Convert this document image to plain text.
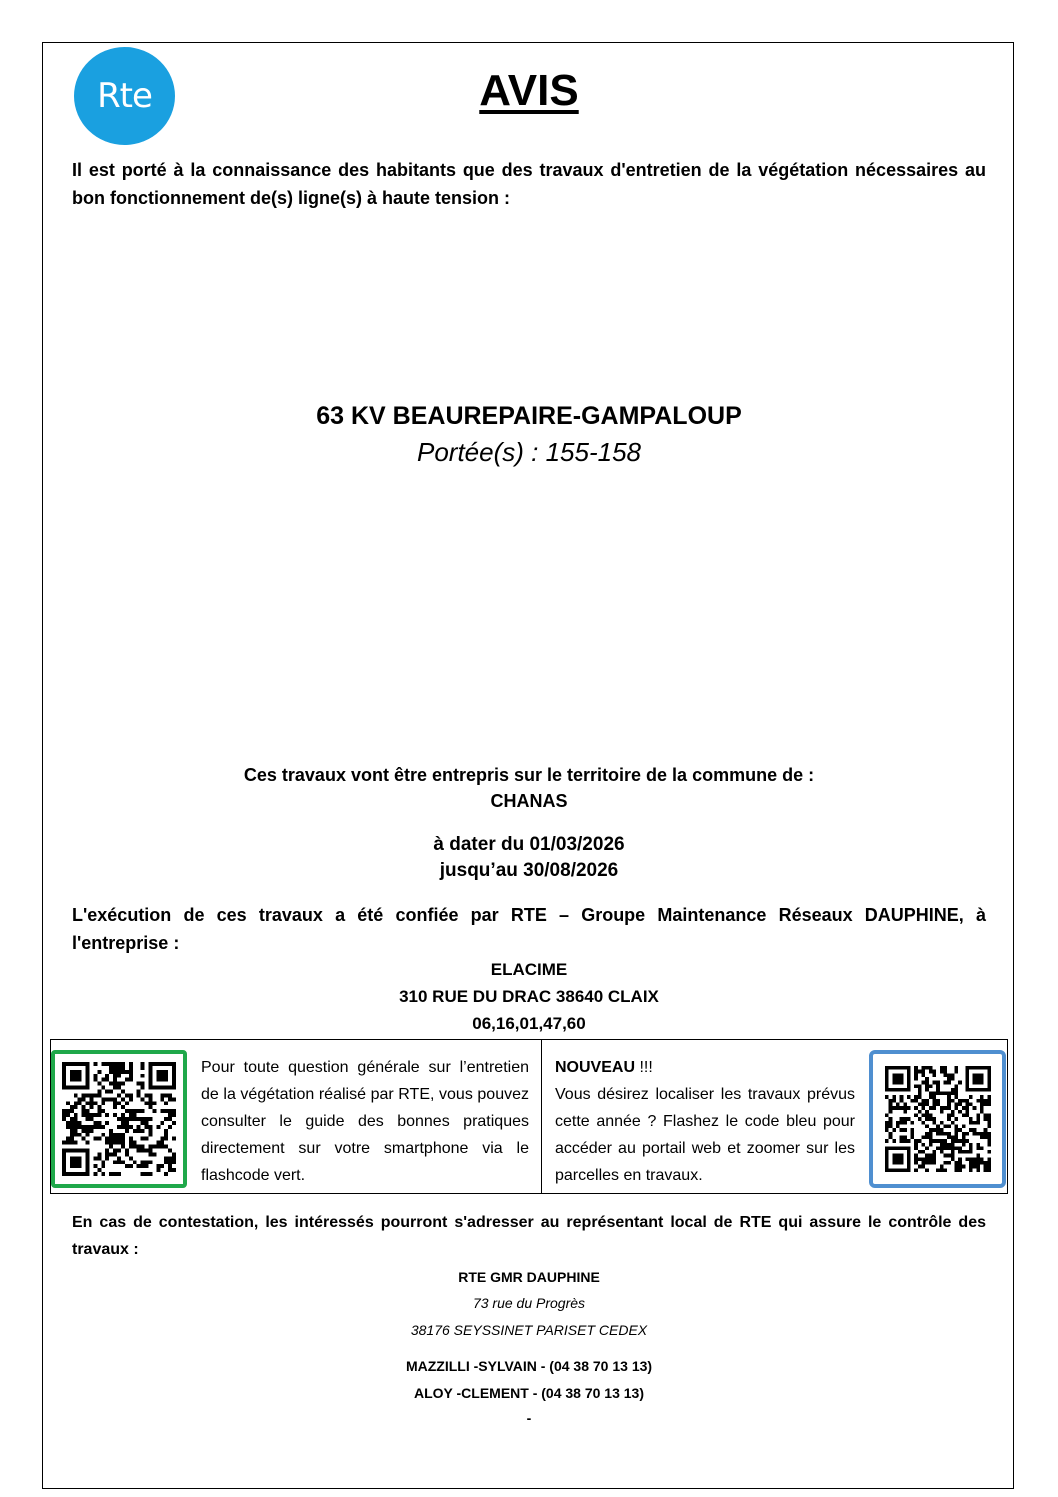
Rte	AVIS
Il est porté à la connaissance des habitants que des travaux d'entretien de la végétation nécessaires au bon fonctionnement de(s) ligne(s) à haute tension :
63 KV BEAUREPAIRE-GAMPALOUP
Portée(s) : 155-158
Ces travaux vont être entrepris sur le territoire de la commune de :
CHANAS
à dater du 01/03/2026
jusqu’au 30/08/2026
L'exécution de ces travaux a été confiée par RTE – Groupe Maintenance Réseaux DAUPHINE, à l'entreprise :
ELACIME
310 RUE DU DRAC 38640 CLAIX
06,16,01,47,60
Pour toute question générale sur l’entretien de la végétation réalisé par RTE, vous pouvez consulter le guide des bonnes pratiques directement sur votre smartphone via le flashcode vert.
NOUVEAU !!!
Vous désirez localiser les travaux prévus cette année ? Flashez le code bleu pour accéder au portail web et zoomer sur les parcelles en travaux.
En cas de contestation, les intéressés pourront s'adresser au représentant local de RTE qui assure le contrôle des travaux :
RTE GMR DAUPHINE
73 rue du Progrès
38176 SEYSSINET PARISET CEDEX
MAZZILLI -SYLVAIN - (04 38 70 13 13)
ALOY -CLEMENT - (04 38 70 13 13)
-
